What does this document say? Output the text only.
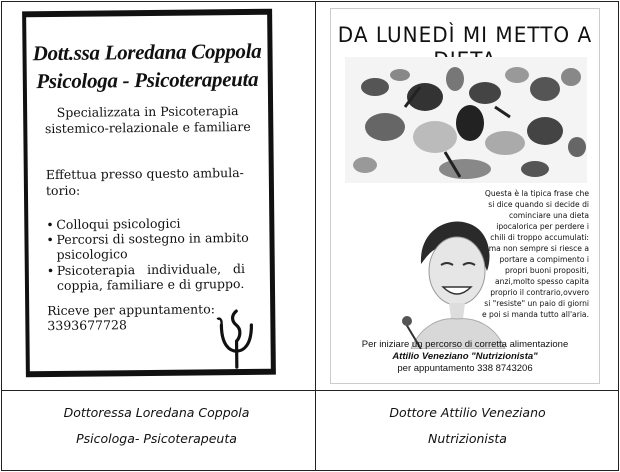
Dott.ssa Loredana Coppola
Psicologa - Psicoterapeuta
Specializzata in Psicoterapia
sistemico-relazionale e familiare
Effettua presso questo ambula-
torio:
• Colloqui psicologici
• Percorsi di sostegno in ambito
psicologico
• Psicoterapia   individuale,   di
coppia, familiare e di gruppo.
Riceve per appuntamento:
3393677728
DA LUNEDÌ MI METTO A
Questa è la tipica frase che
si dice quando si decide di
cominciare una dieta
ipocalorica per perdere i
chili di troppo accumulati:
ma non sempre si riesce a
portare a compimento i
propri buoni propositi,
anzi,molto spesso capita
proprio il contrario,ovvero
si "resiste" un paio di giorni
e poi si manda tutto all'aria.
Per iniziare un percorso di corretta alimentazione
Attilio Veneziano "Nutrizionista"
per appuntamento 338 8743206
Dottoressa Loredana Coppola
Psicologa- Psicoterapeuta
Dottore Attilio Veneziano
Nutrizionista
